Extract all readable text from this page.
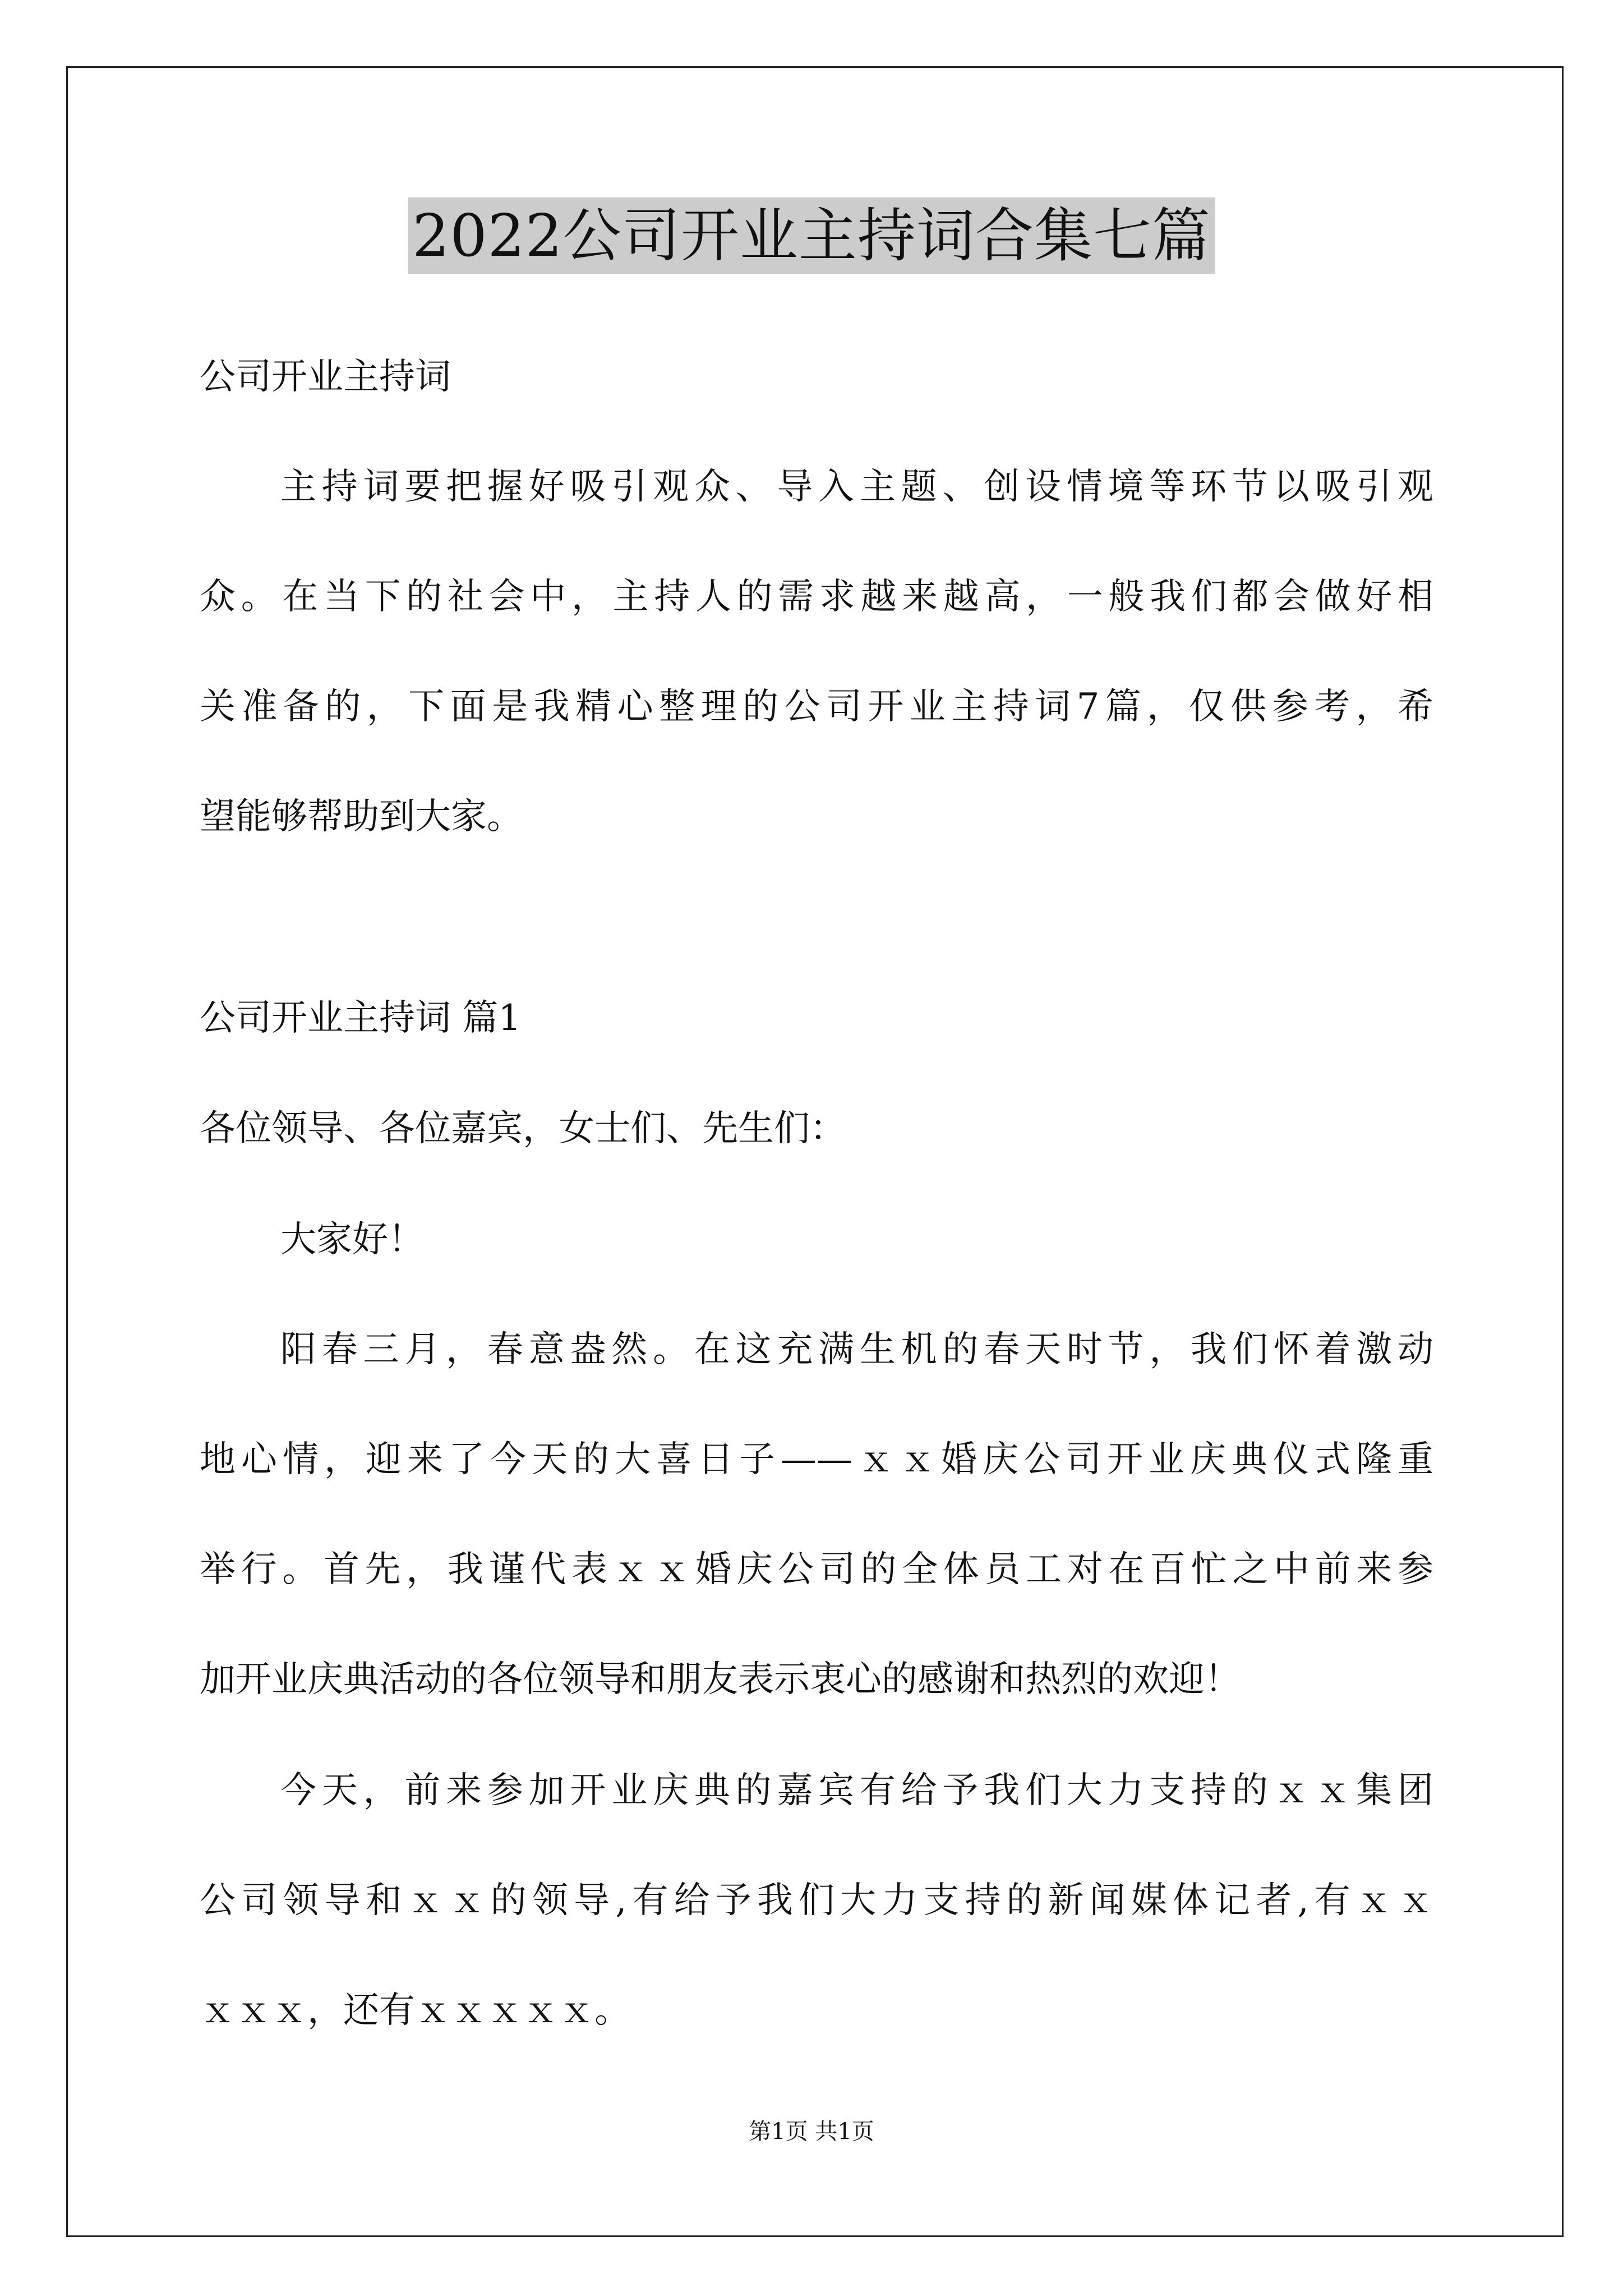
2022公司开业主持词合集七篇
公司开业主持词
主持词要把握好吸引观众、导入主题、创设情境等环节以吸引观
众。在当下的社会中，主持人的需求越来越高，一般我们都会做好相
关准备的，下面是我精心整理的公司开业主持词7篇，仅供参考，希
望能够帮助到大家。
公司开业主持词 篇1
各位领导、各位嘉宾，女士们、先生们：
大家好！
阳春三月，春意盎然。在这充满生机的春天时节，我们怀着激动
地心情，迎来了今天的大喜日子——ｘｘ婚庆公司开业庆典仪式隆重
举行。首先，我谨代表ｘｘ婚庆公司的全体员工对在百忙之中前来参
加开业庆典活动的各位领导和朋友表示衷心的感谢和热烈的欢迎！
今天，前来参加开业庆典的嘉宾有给予我们大力支持的ｘｘ集团
公司领导和ｘｘ的领导,有给予我们大力支持的新闻媒体记者,有ｘｘ
ｘｘｘ，还有ｘｘｘｘｘ。
第1页 共1页
